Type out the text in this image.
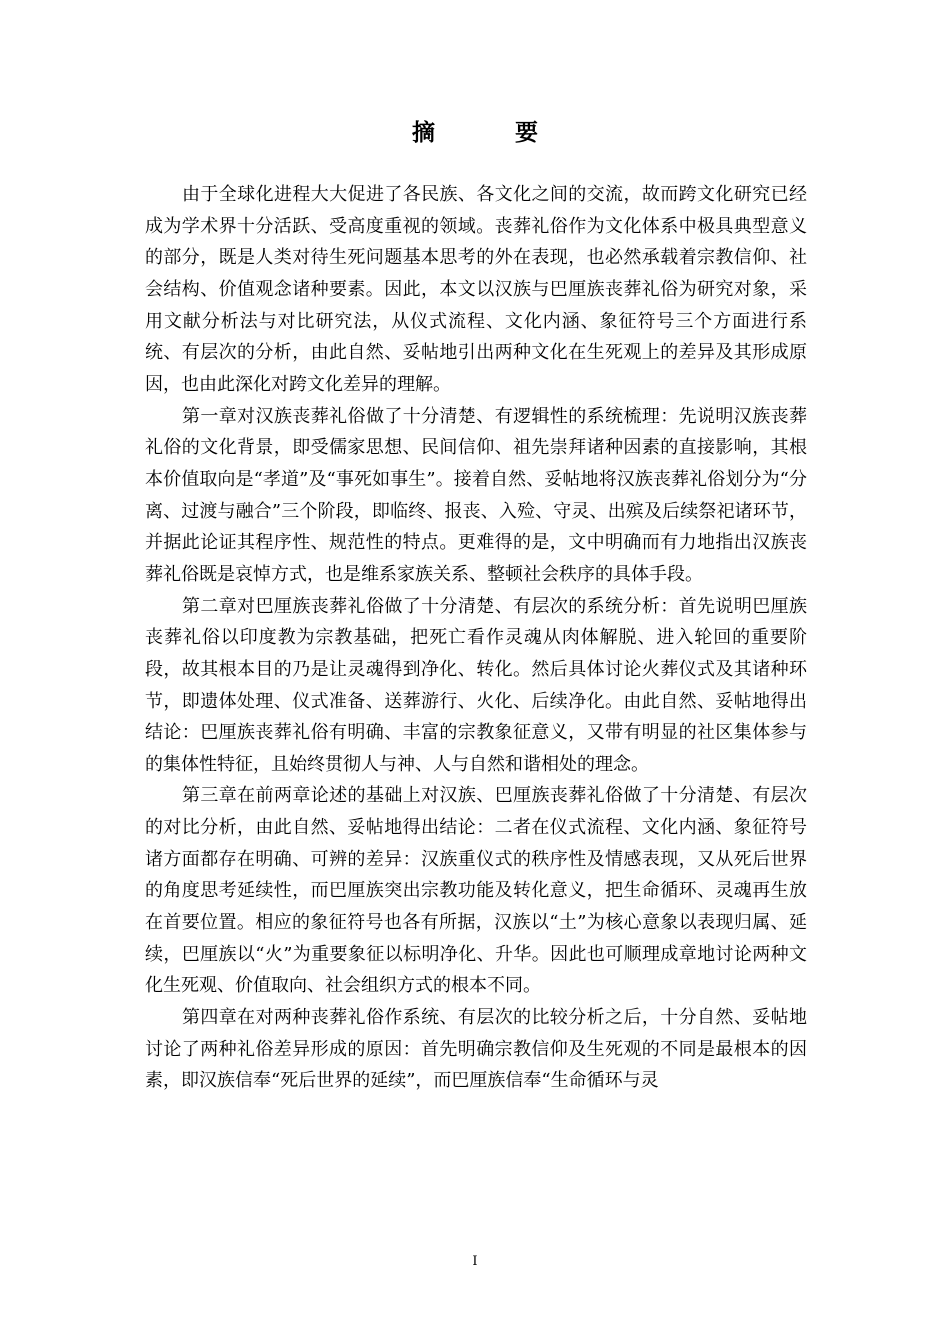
摘 要

由于全球化进程大大促进了各民族、各文化之间的交流，故而跨文化研究已经成为学术界十分活跃、受高度重视的领域。丧葬礼俗作为文化体系中极具典型意义的部分，既是人类对待生死问题基本思考的外在表现，也必然承载着宗教信仰、社会结构、价值观念诸种要素。因此，本文以汉族与巴厘族丧葬礼俗为研究对象，采用文献分析法与对比研究法，从仪式流程、文化内涵、象征符号三个方面进行系统、有层次的分析，由此自然、妥帖地引出两种文化在生死观上的差异及其形成原因，也由此深化对跨文化差异的理解。

第一章对汉族丧葬礼俗做了十分清楚、有逻辑性的系统梳理：先说明汉族丧葬礼俗的文化背景，即受儒家思想、民间信仰、祖先崇拜诸种因素的直接影响，其根本价值取向是“孝道”及“事死如事生”。接着自然、妥帖地将汉族丧葬礼俗划分为“分离、过渡与融合”三个阶段，即临终、报丧、入殓、守灵、出殡及后续祭祀诸环节，并据此论证其程序性、规范性的特点。更难得的是，文中明确而有力地指出汉族丧葬礼俗既是哀悼方式，也是维系家族关系、整顿社会秩序的具体手段。

第二章对巴厘族丧葬礼俗做了十分清楚、有层次的系统分析：首先说明巴厘族丧葬礼俗以印度教为宗教基础，把死亡看作灵魂从肉体解脱、进入轮回的重要阶段，故其根本目的乃是让灵魂得到净化、转化。然后具体讨论火葬仪式及其诸种环节，即遗体处理、仪式准备、送葬游行、火化、后续净化。由此自然、妥帖地得出结论：巴厘族丧葬礼俗有明确、丰富的宗教象征意义，又带有明显的社区集体参与的集体性特征，且始终贯彻人与神、人与自然和谐相处的理念。

第三章在前两章论述的基础上对汉族、巴厘族丧葬礼俗做了十分清楚、有层次的对比分析，由此自然、妥帖地得出结论：二者在仪式流程、文化内涵、象征符号诸方面都存在明确、可辨的差异：汉族重仪式的秩序性及情感表现，又从死后世界的角度思考延续性，而巴厘族突出宗教功能及转化意义，把生命循环、灵魂再生放在首要位置。相应的象征符号也各有所据，汉族以“土”为核心意象以表现归属、延续，巴厘族以“火”为重要象征以标明净化、升华。因此也可顺理成章地讨论两种文化生死观、价值取向、社会组织方式的根本不同。

第四章在对两种丧葬礼俗作系统、有层次的比较分析之后，十分自然、妥帖地讨论了两种礼俗差异形成的原因：首先明确宗教信仰及生死观的不同是最根本的因素，即汉族信奉“死后世界的延续”，而巴厘族信奉“生命循环与灵

I
